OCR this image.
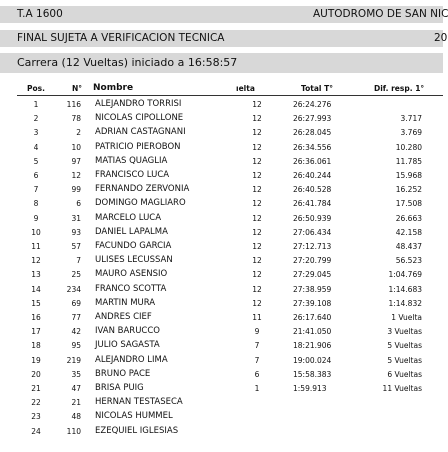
T.A 1600	AUTODROMO DE SAN NIC
FINAL SUJETA A VERIFICACION TECNICA	20
Carrera (12 Vueltas) iniciado a 16:58:57
Pos.	N° Nombre	ıelta	Total T°	Dif. resp. 1°
1	116 ALEJANDRO TORRISI	12	26:24.276
2	78 NICOLAS CIPOLLONE	12	26:27.993	3.717
3	2 ADRIAN CASTAGNANI	12	26:28.045	3.769
4	10 PATRICIO PIEROBON	12	26:34.556	10.280
5	97 MATIAS QUAGLIA	12	26:36.061	11.785
6	12 FRANCISCO LUCA	12	26:40.244	15.968
7	99 FERNANDO ZERVONIA	12	26:40.528	16.252
8	6 DOMINGO MAGLIARO	12	26:41.784	17.508
9	31 MARCELO LUCA	12	26:50.939	26.663
10	93 DANIEL LAPALMA	12	27:06.434	42.158
11	57 FACUNDO GARCIA	12	27:12.713	48.437
12	7 ULISES LECUSSAN	12	27:20.799	56.523
13	25 MAURO ASENSIO	12	27:29.045	1:04.769
14	234 FRANCO SCOTTA	12	27:38.959	1:14.683
15	69 MARTIN MURA	12	27:39.108	1:14.832
16	77 ANDRES CIEF	11	26:17.640	1 Vuelta
17	42 IVAN BARUCCO	9	21:41.050	3 Vueltas
18	95 JULIO SAGASTA	7	18:21.906	5 Vueltas
19	219 ALEJANDRO LIMA	7	19:00.024	5 Vueltas
20	35 BRUNO PACE	6	15:58.383	6 Vueltas
21	47 BRISA PUIG	1	1:59.913	11 Vueltas
22	21 HERNAN TESTASECA
23	48 NICOLAS HUMMEL
24	110 EZEQUIEL IGLESIAS
